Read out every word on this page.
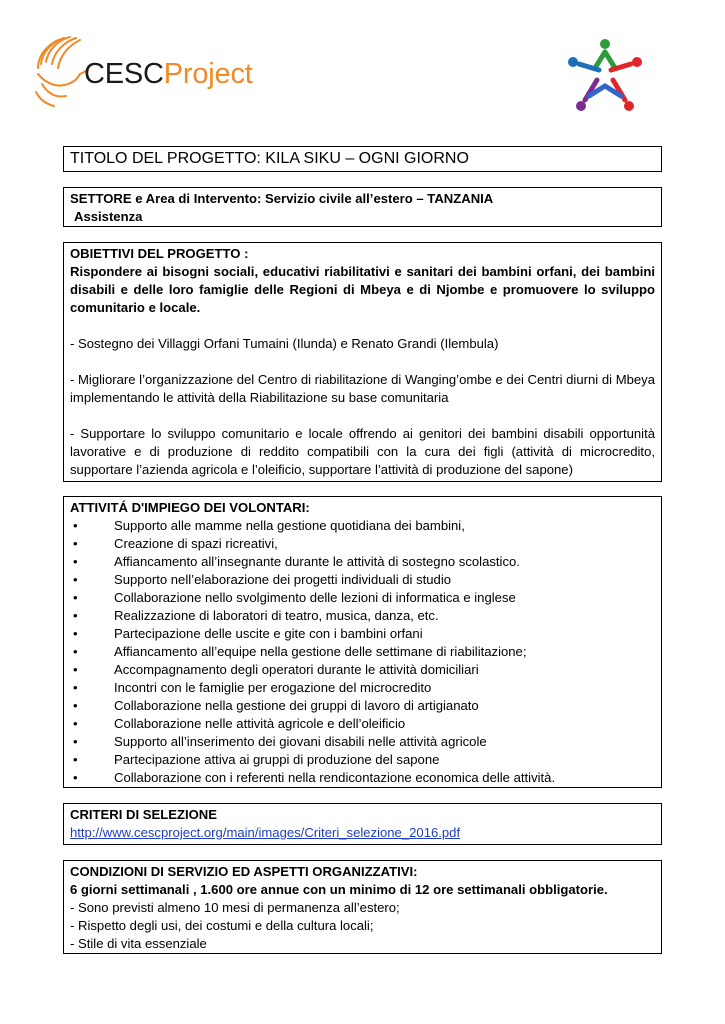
CESCProject
TITOLO DEL PROGETTO: KILA SIKU – OGNI GIORNO
SETTORE e Area di Intervento: Servizio civile all’estero – TANZANIA
Assistenza
OBIETTIVI DEL PROGETTO :
Rispondere ai bisogni sociali, educativi riabilitativi e sanitari dei bambini orfani, dei bambini disabili e delle loro famiglie delle Regioni di Mbeya e di Njombe e promuovere lo sviluppo comunitario e locale.
- Sostegno dei Villaggi Orfani Tumaini (Ilunda) e Renato Grandi (Ilembula)
- Migliorare l’organizzazione del Centro di riabilitazione di Wanging’ombe e dei Centri diurni di Mbeya implementando le attività della Riabilitazione su base comunitaria
- Supportare lo sviluppo comunitario e locale offrendo ai genitori dei bambini disabili opportunità lavorative e di produzione di reddito compatibili con la cura dei figli (attività di microcredito, supportare l’azienda agricola e l’oleificio, supportare l’attività di produzione del sapone)
ATTIVITÁ D'IMPIEGO DEI VOLONTARI:
• Supporto alle mamme nella gestione quotidiana dei bambini,
• Creazione di spazi ricreativi,
• Affiancamento all’insegnante durante le attività di sostegno scolastico.
• Supporto nell’elaborazione dei progetti individuali di studio
• Collaborazione nello svolgimento delle lezioni di informatica e inglese
• Realizzazione di laboratori di teatro, musica, danza, etc.
• Partecipazione delle uscite e gite con i bambini orfani
• Affiancamento all’equipe nella gestione delle settimane di riabilitazione;
• Accompagnamento degli operatori durante le attività domiciliari
• Incontri con le famiglie per erogazione del microcredito
• Collaborazione nella gestione dei gruppi di lavoro di artigianato
• Collaborazione nelle attività agricole e dell’oleificio
• Supporto all’inserimento dei giovani disabili nelle attività agricole
• Partecipazione attiva ai gruppi di produzione del sapone
• Collaborazione con i referenti nella rendicontazione economica delle attività.
CRITERI DI SELEZIONE
http://www.cescproject.org/main/images/Criteri_selezione_2016.pdf
CONDIZIONI DI SERVIZIO ED ASPETTI ORGANIZZATIVI:
6 giorni settimanali , 1.600 ore annue con un minimo di 12 ore settimanali obbligatorie.
- Sono previsti almeno 10 mesi di permanenza all’estero;
- Rispetto degli usi, dei costumi e della cultura locali;
- Stile di vita essenziale
